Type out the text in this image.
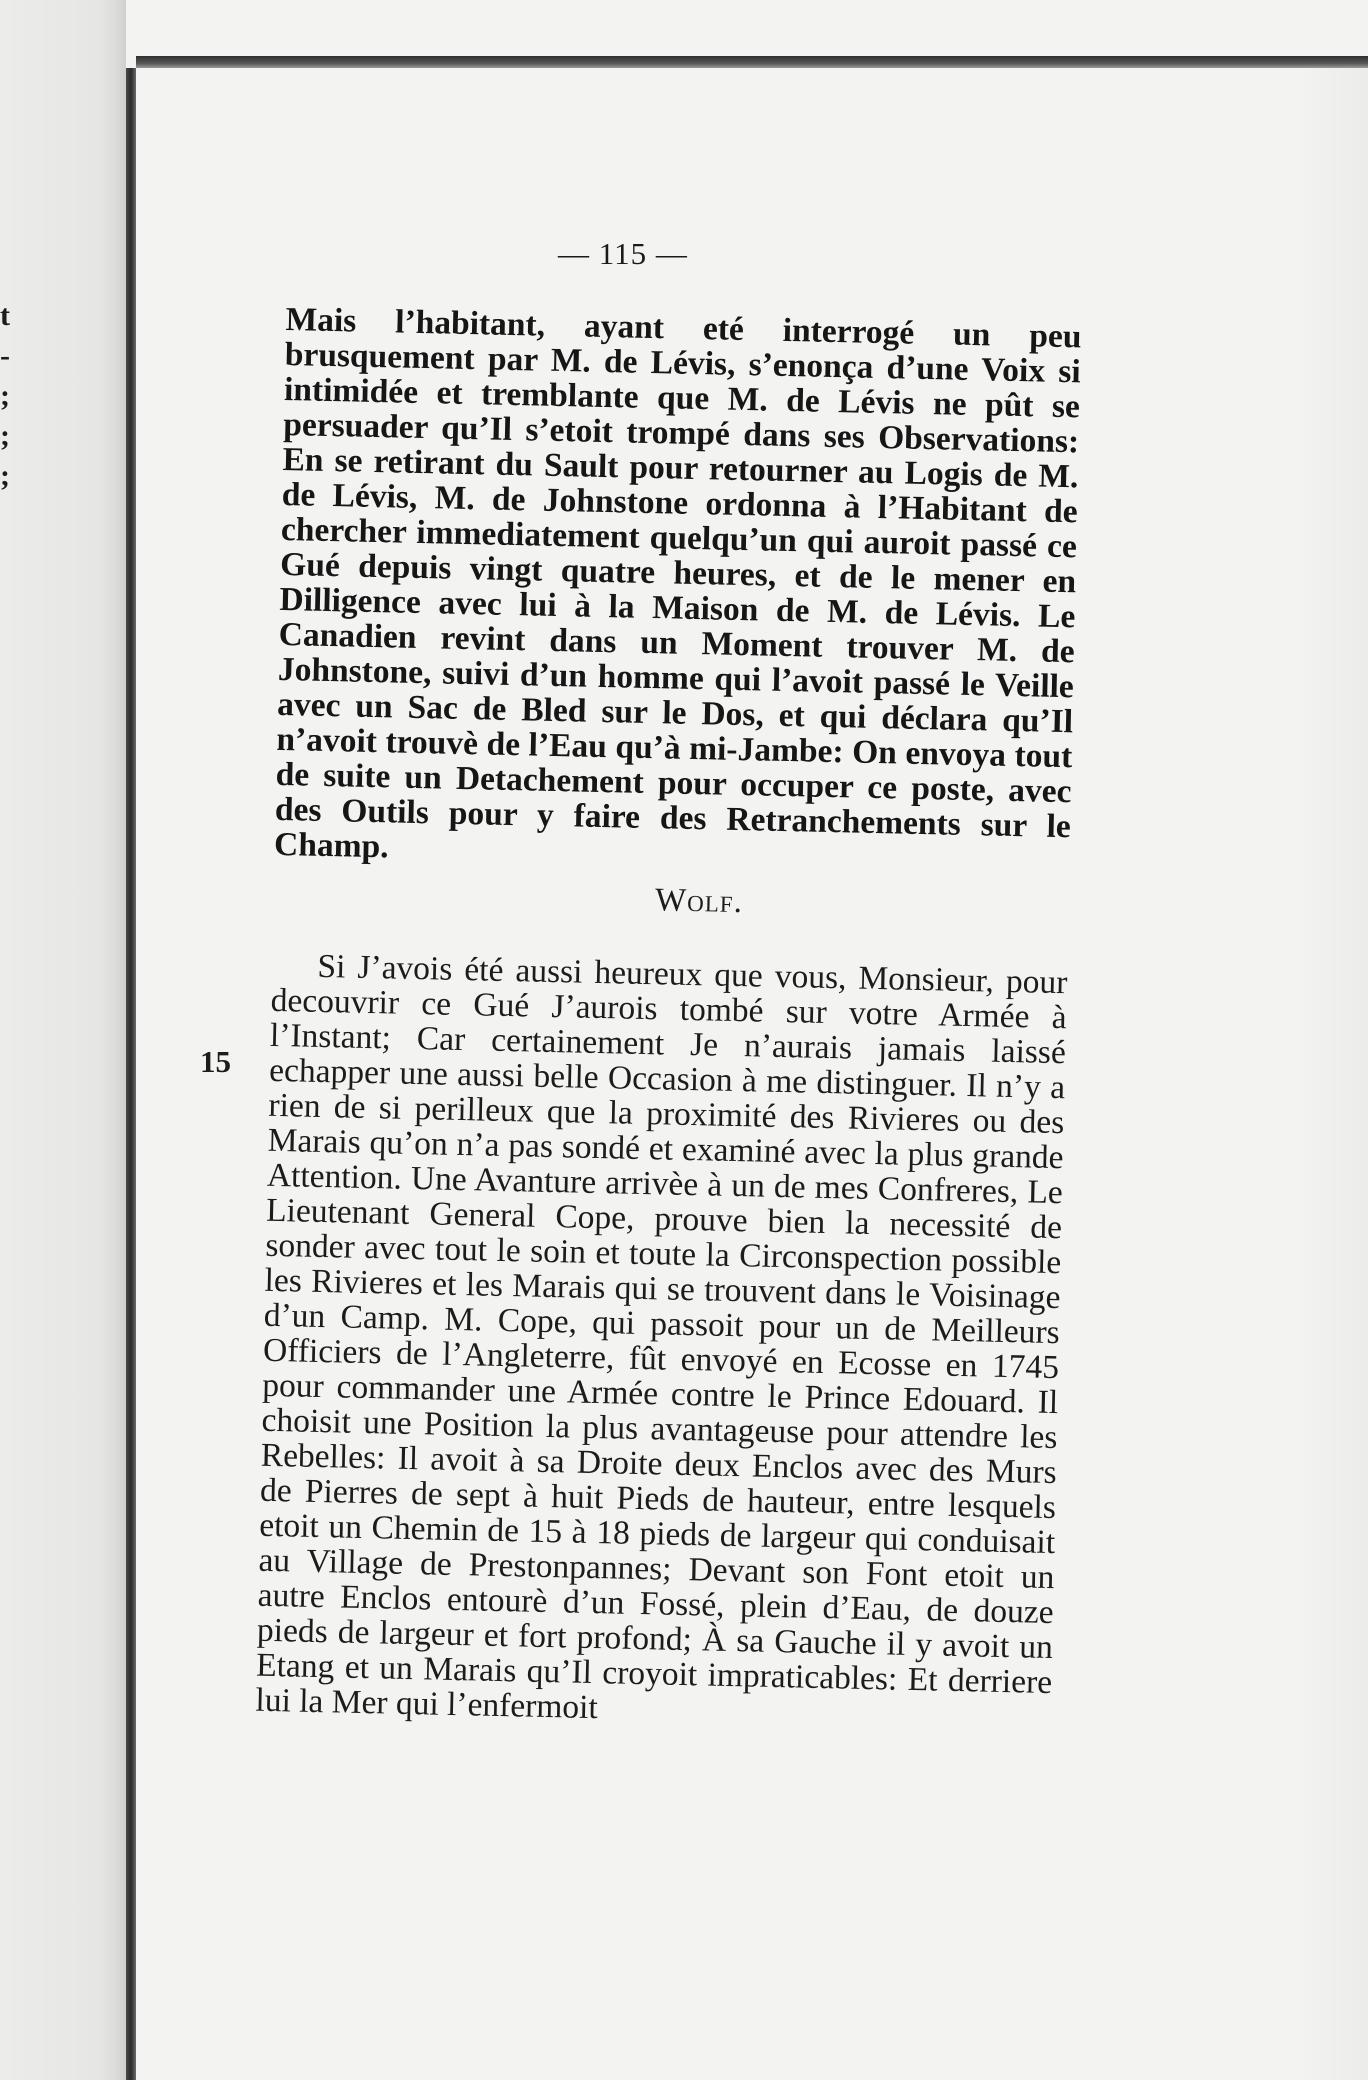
t
-
;
;
;
— 115 —
15

Mais l’habitant, ayant eté interrogé un peu brusquement par M. de Lévis, s’enonça d’une Voix si intimidée et tremblante que M. de Lévis ne pût se persuader qu’Il s’etoit trompé dans ses Observations: En se retirant du Sault pour retourner au Logis de M. de Lévis, M. de Johnstone ordonna à l’Habitant de chercher immediatement quelqu’un qui auroit passé ce Gué depuis vingt quatre heures, et de le mener en Dilligence avec lui à la Maison de M. de Lévis. Le Canadien revint dans un Moment trouver M. de Johnstone, suivi d’un homme qui l’avoit passé le Veille avec un Sac de Bled sur le Dos, et qui déclara qu’Il n’avoit trouvè de l’Eau qu’à mi-Jambe: On envoya tout de suite un Detachement pour occuper ce poste, avec des Outils pour y faire des Retranchements sur le Champ.

Wolf.

Si J’avois été aussi heureux que vous, Monsieur, pour decouvrir ce Gué J’aurois tombé sur votre Armée à l’Instant; Car certainement Je n’aurais jamais laissé echapper une aussi belle Occasion à me distinguer. Il n’y a rien de si perilleux que la proximité des Rivieres ou des Marais qu’on n’a pas sondé et examiné avec la plus grande Attention. Une Avanture arrivèe à un de mes Confreres, Le Lieutenant General Cope, prouve bien la necessité de sonder avec tout le soin et toute la Circonspection possible les Rivieres et les Marais qui se trouvent dans le Voisinage d’un Camp. M. Cope, qui passoit pour un de Meilleurs Officiers de l’Angleterre, fût envoyé en Ecosse en 1745 pour commander une Armée contre le Prince Edouard. Il choisit une Position la plus avantageuse pour attendre les Rebelles: Il avoit à sa Droite deux Enclos avec des Murs de Pierres de sept à huit Pieds de hauteur, entre lesquels etoit un Chemin de 15 à 18 pieds de largeur qui conduisait au Village de Prestonpannes; Devant son Font etoit un autre Enclos entourè d’un Fossé, plein d’Eau, de douze pieds de largeur et fort profond; À sa Gauche il y avoit un Etang et un Marais qu’Il croyoit impraticables: Et derriere lui la Mer qui l’enfermoit
